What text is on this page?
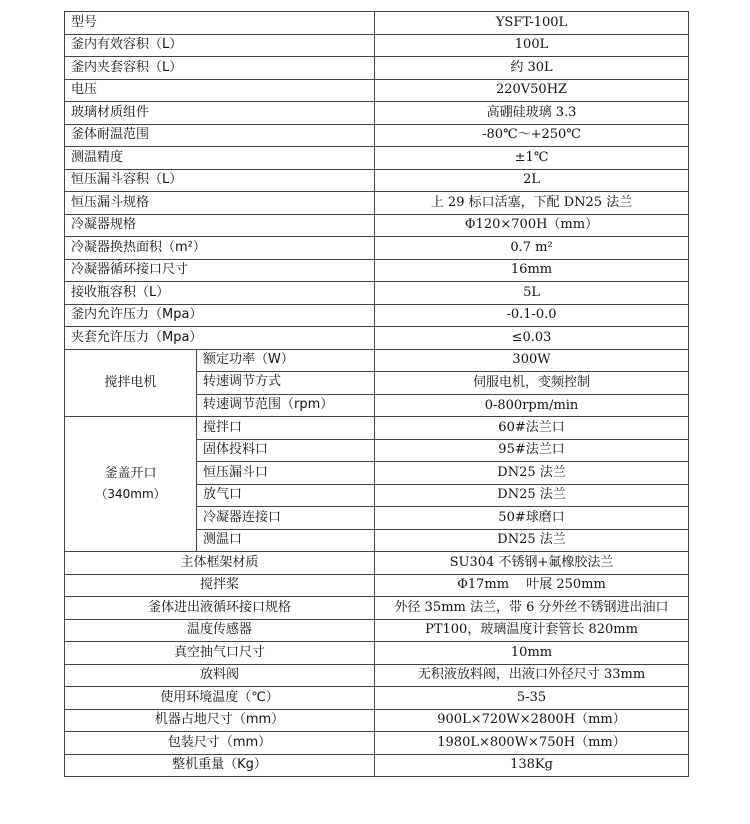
型号		YSFT-100L
釜内有效容积（L）		100L
釜内夹套容积（L）		约 30L
电压		220V50HZ
玻璃材质组件		高硼硅玻璃 3.3
釜体耐温范围		-80℃～+250℃
测温精度		±1℃
恒压漏斗容积（L）		2L
恒压漏斗规格		上 29 标口活塞，下配 DN25 法兰
冷凝器规格		Φ120×700H（mm）
冷凝器换热面积（m²）		0.7 m²
冷凝器循环接口尺寸		16mm
接收瓶容积（L）		5L
釜内允许压力（Mpa）		-0.1-0.0
夹套允许压力（Mpa）		≤0.03
搅拌电机	额定功率（W）	300W
	转速调节方式	伺服电机，变频控制
	转速调节范围（rpm）	0-800rpm/min

釜盖开口
（340mm）	搅拌口	60#法兰口
	固体投料口	95#法兰口
	恒压漏斗口	DN25 法兰
	放气口	DN25 法兰
	冷凝器连接口	50#球磨口
	测温口	DN25 法兰
主体框架材质		SU304 不锈钢+氟橡胶法兰
搅拌桨		Φ17mm　 叶展 250mm
釜体进出液循环接口规格		外径 35mm 法兰，带 6 分外丝不锈钢进出油口
温度传感器		PT100，玻璃温度计套管长 820mm
真空抽气口尺寸		10mm
放料阀		无积液放料阀，出液口外径尺寸 33mm
使用环境温度（℃）		5-35
机器占地尺寸（mm）		900L×720W×2800H（mm）
包装尺寸（mm）		1980L×800W×750H（mm）
整机重量（Kg）		138Kg
